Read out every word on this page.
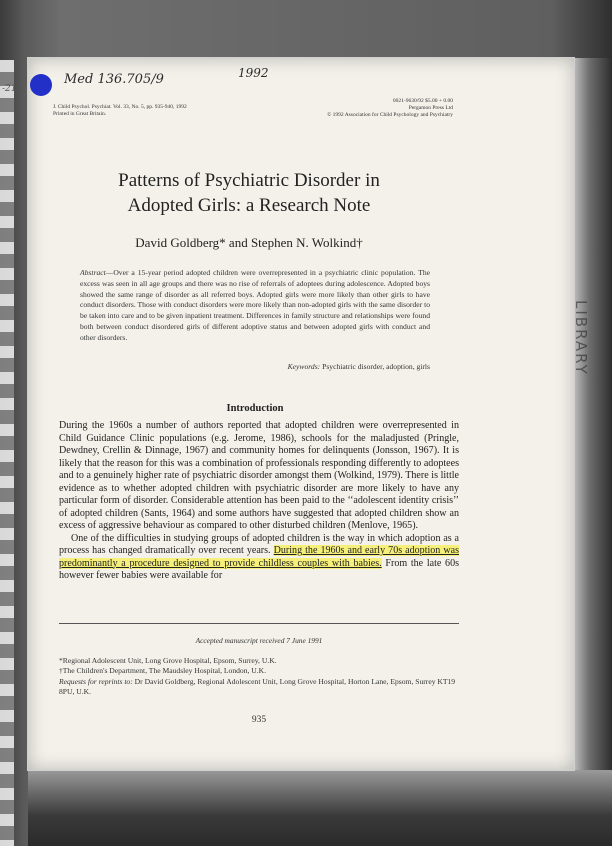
Med 136.705/9	1992
-21
J. Child Psychol. Psychiat. Vol. 33, No. 5, pp. 935-940, 1992
Printed in Great Britain.
0021-9630/92 $5.00 + 0.00
Pergamon Press Ltd
© 1992 Association for Child Psychology and Psychiatry
Patterns of Psychiatric Disorder in
Adopted Girls: a Research Note
David Goldberg* and Stephen N. Wolkind†
Abstract—Over a 15-year period adopted children were overrepresented in a psychiatric clinic population. The excess was seen in all age groups and there was no rise of referrals of adoptees during adolescence. Adopted boys showed the same range of disorder as all referred boys. Adopted girls were more likely than other girls to have conduct disorders. Those with conduct disorders were more likely than non-adopted girls with the same disorder to be taken into care and to be given inpatient treatment. Differences in family structure and relationships were found both between conduct disordered girls of different adoptive status and between adopted girls with conduct and other disorders.
Keywords: Psychiatric disorder, adoption, girls
Introduction

During the 1960s a number of authors reported that adopted children were overrepresented in Child Guidance Clinic populations (e.g. Jerome, 1986), schools for the maladjusted (Pringle, Dewdney, Crellin & Dinnage, 1967) and community homes for delinquents (Jonsson, 1967). It is likely that the reason for this was a combination of professionals responding differently to adoptees and to a genuinely higher rate of psychiatric disorder amongst them (Wolkind, 1979). There is little evidence as to whether adopted children with psychiatric disorder are more likely to have any particular form of disorder. Considerable attention has been paid to the ‘‘adolescent identity crisis’’ of adopted children (Sants, 1964) and some authors have suggested that adopted children show an excess of aggressive behaviour as compared to other disturbed children (Menlove, 1965).

One of the difficulties in studying groups of adopted children is the way in which adoption as a process has changed dramatically over recent years. During the 1960s and early 70s adoption was predominantly a procedure designed to provide childless couples with babies. From the late 60s however fewer babies were available for

Accepted manuscript received 7 June 1991
*Regional Adolescent Unit, Long Grove Hospital, Epsom, Surrey, U.K.
†The Children's Department, The Maudsley Hospital, London, U.K.
Requests for reprints to: Dr David Goldberg, Regional Adolescent Unit, Long Grove Hospital, Horton Lane, Epsom, Surrey KT19 8PU, U.K.
935
LIBRARY
